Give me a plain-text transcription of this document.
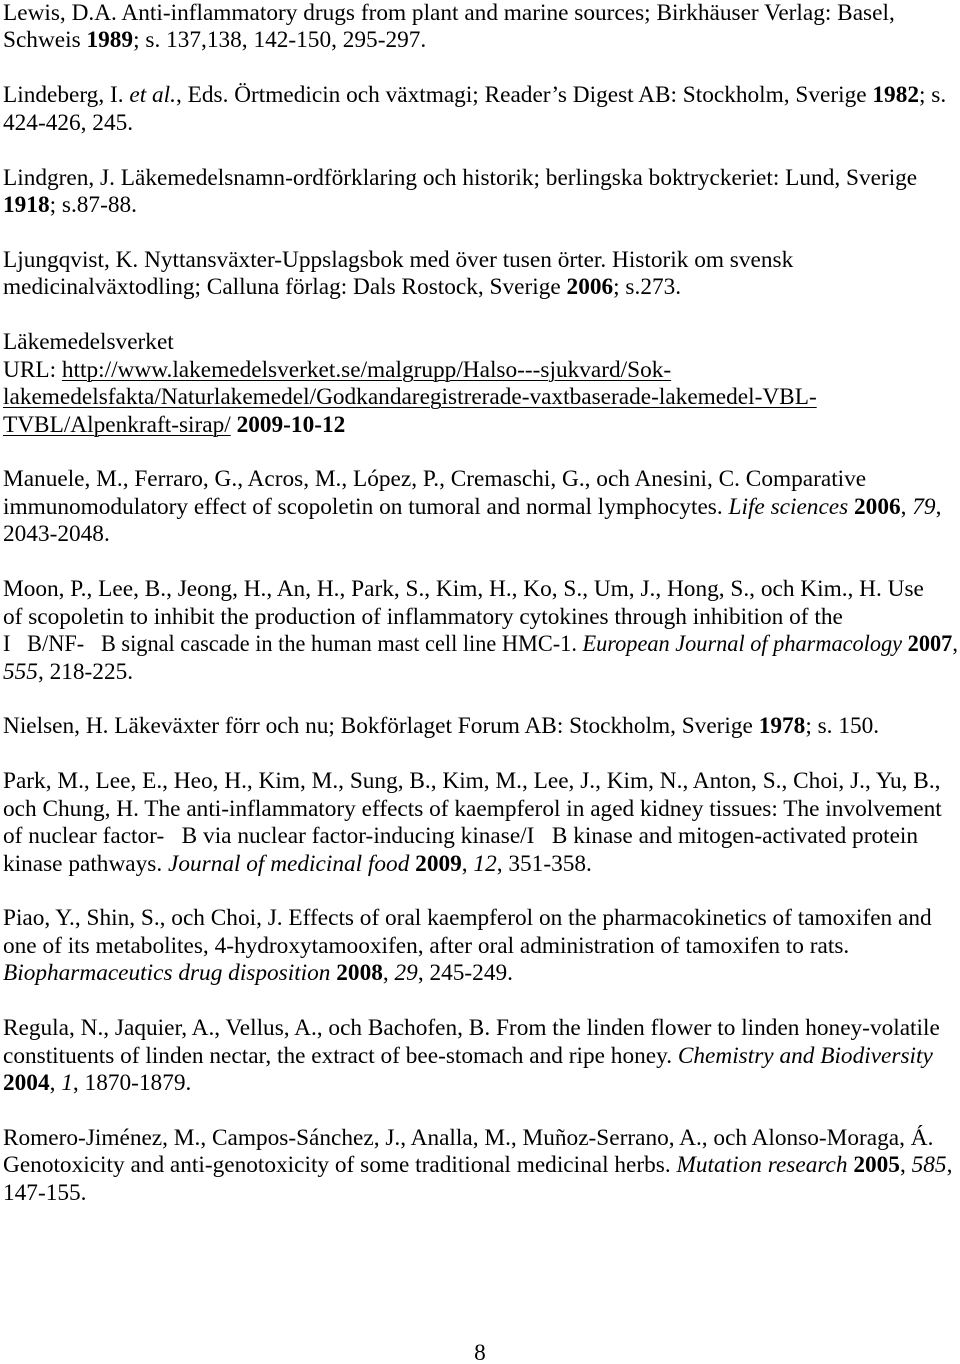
Lewis, D.A. Anti-inflammatory drugs from plant and marine sources; Birkhäuser Verlag: Basel,
Schweis 1989; s. 137,138, 142-150, 295-297.
Lindeberg, I. et al., Eds. Örtmedicin och växtmagi; Reader’s Digest AB: Stockholm, Sverige 1982; s.
424-426, 245.
Lindgren, J. Läkemedelsnamn-ordförklaring och historik; berlingska boktryckeriet: Lund, Sverige
1918; s.87-88.
Ljungqvist, K. Nyttansväxter-Uppslagsbok med över tusen örter. Historik om svensk
medicinalväxtodling; Calluna förlag: Dals Rostock, Sverige 2006; s.273.
Läkemedelsverket
URL: http://www.lakemedelsverket.se/malgrupp/Halso---sjukvard/Sok-
lakemedelsfakta/Naturlakemedel/Godkandaregistrerade-vaxtbaserade-lakemedel-VBL-
TVBL/Alpenkraft-sirap/ 2009-10-12
Manuele, M., Ferraro, G., Acros, M., López, P., Cremaschi, G., och Anesini, C. Comparative
immunomodulatory effect of scopoletin on tumoral and normal lymphocytes. Life sciences 2006, 79,
2043-2048.
Moon, P., Lee, B., Jeong, H., An, H., Park, S., Kim, H., Ko, S., Um, J., Hong, S., och Kim., H. Use
of scopoletin to inhibit the production of inflammatory cytokines through inhibition of the
I   B/NF-   B signal cascade in the human mast cell line HMC-1. European Journal of pharmacology 2007,
555, 218-225.
Nielsen, H. Läkeväxter förr och nu; Bokförlaget Forum AB: Stockholm, Sverige 1978; s. 150.
Park, M., Lee, E., Heo, H., Kim, M., Sung, B., Kim, M., Lee, J., Kim, N., Anton, S., Choi, J., Yu, B.,
och Chung, H. The anti-inflammatory effects of kaempferol in aged kidney tissues: The involvement
of nuclear factor-   B via nuclear factor-inducing kinase/I   B kinase and mitogen-activated protein
kinase pathways. Journal of medicinal food 2009, 12, 351-358.
Piao, Y., Shin, S., och Choi, J. Effects of oral kaempferol on the pharmacokinetics of tamoxifen and
one of its metabolites, 4-hydroxytamooxifen, after oral administration of tamoxifen to rats.
Biopharmaceutics drug disposition 2008, 29, 245-249.
Regula, N., Jaquier, A., Vellus, A., och Bachofen, B. From the linden flower to linden honey-volatile
constituents of linden nectar, the extract of bee-stomach and ripe honey. Chemistry and Biodiversity
2004, 1, 1870-1879.
Romero-Jiménez, M., Campos-Sánchez, J., Analla, M., Muñoz-Serrano, A., och Alonso-Moraga, Á.
Genotoxicity and anti-genotoxicity of some traditional medicinal herbs. Mutation research 2005, 585,
147-155.
8
